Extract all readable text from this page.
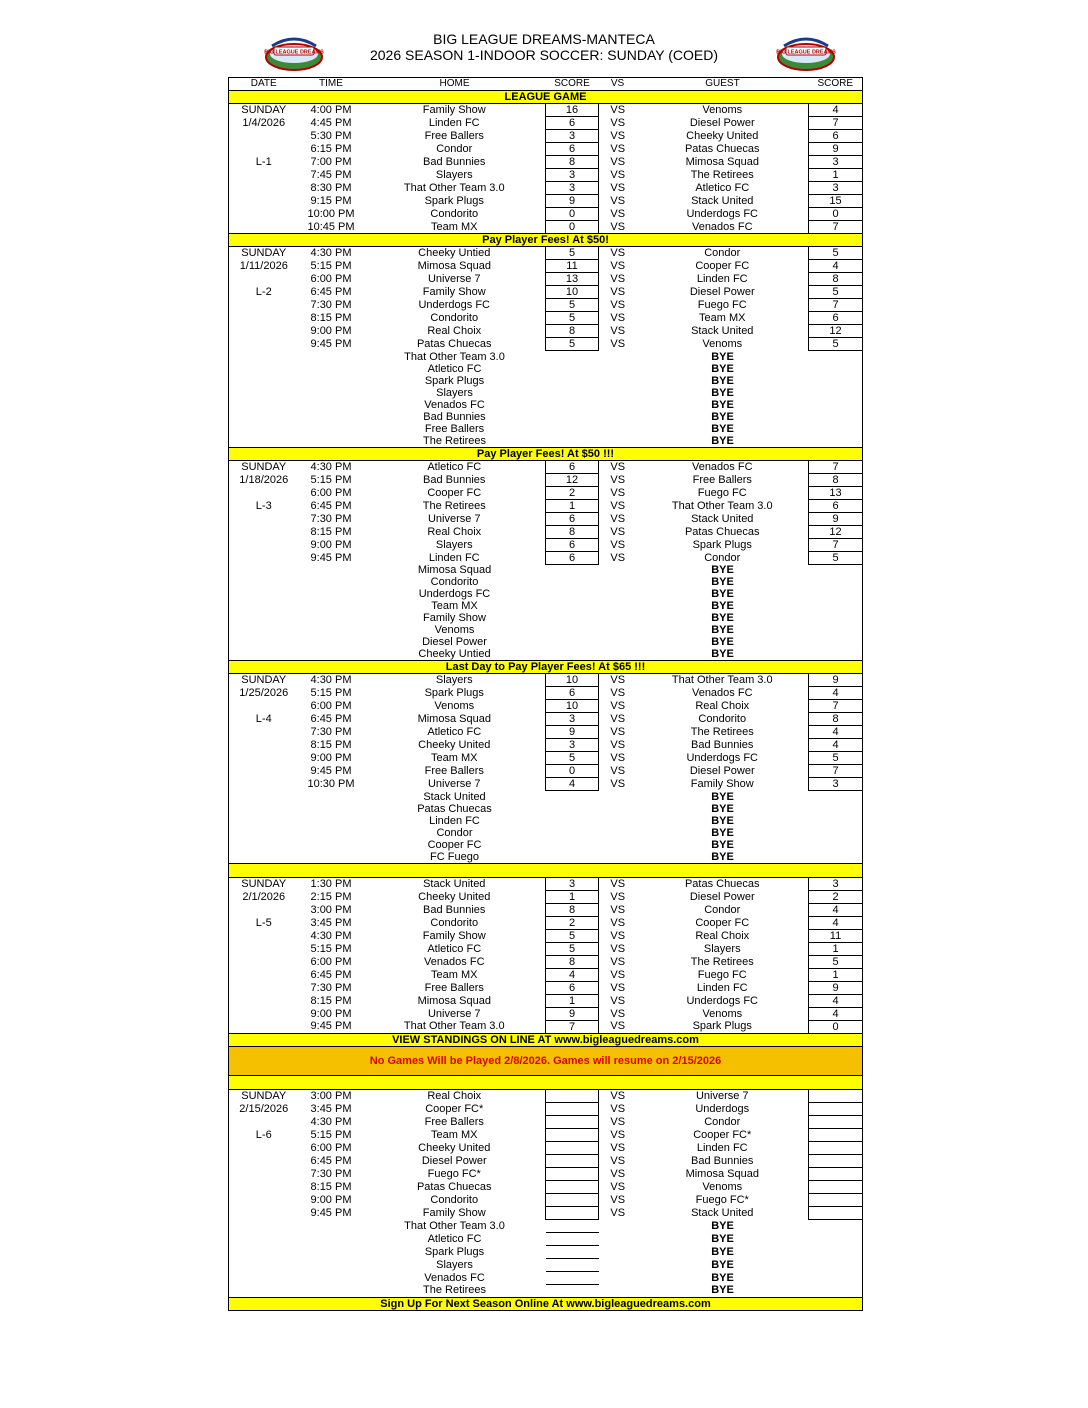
BIG LEAGUE DREAMS-MANTECA
2026 SEASON 1-INDOOR SOCCER: SUNDAY (COED)
BIG LEAGUE DREAMS	BIG LEAGUE DREAMS
DATE	TIME	HOME	SCORE	VS	GUEST	SCORE
LEAGUE GAME						
SUNDAY	4:00 PM	Family Show	16	VS	Venoms	4
1/4/2026	4:45 PM	Linden FC	6	VS	Diesel Power	7
	5:30 PM	Free Ballers	3	VS	Cheeky United	6
	6:15 PM	Condor	6	VS	Patas Chuecas	9
L-1	7:00 PM	Bad Bunnies	8	VS	Mimosa Squad	3
	7:45 PM	Slayers	3	VS	The Retirees	1
	8:30 PM	That Other Team 3.0	3	VS	Atletico FC	3
	9:15 PM	Spark Plugs	9	VS	Stack United	15
	10:00 PM	Condorito	0	VS	Underdogs FC	0
	10:45 PM	Team MX	0	VS	Venados FC	7
Pay Player Fees! At $50!						
SUNDAY	4:30 PM	Cheeky Untied	5	VS	Condor	5
1/11/2026	5:15 PM	Mimosa Squad	11	VS	Cooper FC	4
	6:00 PM	Universe 7	13	VS	Linden FC	8
L-2	6:45 PM	Family Show	10	VS	Diesel Power	5
	7:30 PM	Underdogs FC	5	VS	Fuego FC	7
	8:15 PM	Condorito	5	VS	Team MX	6
	9:00 PM	Real Choix	8	VS	Stack United	12
	9:45 PM	Patas Chuecas	5	VS	Venoms	5
		That Other Team 3.0			BYE	
		Atletico FC			BYE	
		Spark Plugs			BYE	
		Slayers			BYE	
		Venados FC			BYE	
		Bad Bunnies			BYE	
		Free Ballers			BYE	
		The Retirees			BYE	
Pay Player Fees! At $50 !!!						
SUNDAY	4:30 PM	Atletico FC	6	VS	Venados FC	7
1/18/2026	5:15 PM	Bad Bunnies	12	VS	Free Ballers	8
	6:00 PM	Cooper FC	2	VS	Fuego FC	13
L-3	6:45 PM	The Retirees	1	VS	That Other Team 3.0	6
	7:30 PM	Universe 7	6	VS	Stack United	9
	8:15 PM	Real Choix	8	VS	Patas Chuecas	12
	9:00 PM	Slayers	6	VS	Spark Plugs	7
	9:45 PM	Linden FC	6	VS	Condor	5
		Mimosa Squad			BYE	
		Condorito			BYE	
		Underdogs FC			BYE	
		Team MX			BYE	
		Family Show			BYE	
		Venoms			BYE	
		Diesel Power			BYE	
		Cheeky Untied			BYE	
Last Day to Pay Player Fees! At $65 !!!						
SUNDAY	4:30 PM	Slayers	10	VS	That Other Team 3.0	9
1/25/2026	5:15 PM	Spark Plugs	6	VS	Venados FC	4
	6:00 PM	Venoms	10	VS	Real Choix	7
L-4	6:45 PM	Mimosa Squad	3	VS	Condorito	8
	7:30 PM	Atletico FC	9	VS	The Retirees	4
	8:15 PM	Cheeky United	3	VS	Bad Bunnies	4
	9:00 PM	Team MX	5	VS	Underdogs FC	5
	9:45 PM	Free Ballers	0	VS	Diesel Power	7
	10:30 PM	Universe 7	4	VS	Family Show	3
		Stack United			BYE	
		Patas Chuecas			BYE	
		Linden FC			BYE	
		Condor			BYE	
		Cooper FC			BYE	
		FC Fuego			BYE	

SUNDAY	1:30 PM	Stack United	3	VS	Patas Chuecas	3
2/1/2026	2:15 PM	Cheeky United	1	VS	Diesel Power	2
	3:00 PM	Bad Bunnies	8	VS	Condor	4
L-5	3:45 PM	Condorito	2	VS	Cooper FC	4
	4:30 PM	Family Show	5	VS	Real Choix	11
	5:15 PM	Atletico FC	5	VS	Slayers	1
	6:00 PM	Venados FC	8	VS	The Retirees	5
	6:45 PM	Team MX	4	VS	Fuego FC	1
	7:30 PM	Free Ballers	6	VS	Linden FC	9
	8:15 PM	Mimosa Squad	1	VS	Underdogs FC	4
	9:00 PM	Universe 7	9	VS	Venoms	4
	9:45 PM	That Other Team 3.0	7	VS	Spark Plugs	0
VIEW STANDINGS ON LINE AT www.bigleaguedreams.com						
No Games Will be Played 2/8/2026. Games will resume on 2/15/2026						

SUNDAY	3:00 PM	Real Choix		VS	Universe 7	
2/15/2026	3:45 PM	Cooper FC*		VS	Underdogs	
	4:30 PM	Free Ballers		VS	Condor	
L-6	5:15 PM	Team MX		VS	Cooper FC*	
	6:00 PM	Cheeky United		VS	Linden FC	
	6:45 PM	Diesel Power		VS	Bad Bunnies	
	7:30 PM	Fuego FC*		VS	Mimosa Squad	
	8:15 PM	Patas Chuecas		VS	Venoms	
	9:00 PM	Condorito		VS	Fuego FC*	
	9:45 PM	Family Show		VS	Stack United	
		That Other Team 3.0			BYE	
		Atletico FC			BYE	
		Spark Plugs			BYE	
		Slayers			BYE	
		Venados FC			BYE	
		The Retirees			BYE	
Sign Up For Next Season Online At www.bigleaguedreams.com						
